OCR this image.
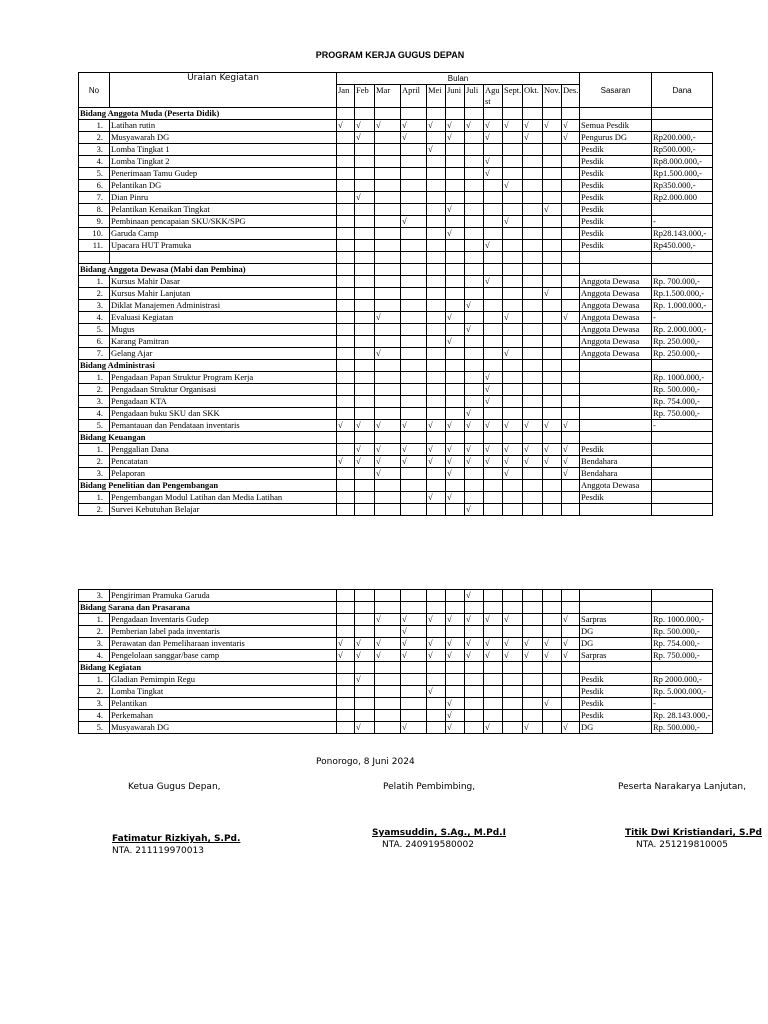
PROGRAM KERJA GUGUS DEPAN
No	Uraian Kegiatan	Bulan												Sasaran	Dana
		Jan	Feb	Mar	April	Mei	Juni	Juli	Agu st	Sept.	Okt.	Nov.	Des.		
Bidang Anggota Muda (Peserta Didik)															
1.	Latihan rutin	√	√	√	√	√	√	√	√	√	√	√	√	Semua Pesdik	
2.	Musyawarah DG		√		√		√		√		√		√	Pengurus DG	Rp200.000,-
3.	Lomba Tingkat 1					√								Pesdik	Rp500.000,-
4.	Lomba Tingkat 2								√					Pesdik	Rp8.000.000,-
5.	Penerimaan Tamu Gudep								√					Pesdik	Rp1.500.000,-
6.	Pelantikan DG									√				Pesdik	Rp350.000,-
7.	Dian Pinru		√											Pesdik	Rp2.000.000
8.	Pelantikan Kenaikan Tingkat						√					√		Pesdik	
9.	Pembinaan pencapaian SKU/SKK/SPG				√					√				Pesdik	-
10.	Garuda Camp						√							Pesdik	Rp28.143.000,-
11.	Upacara HUT Pramuka								√					Pesdik	Rp450.000,-

Bidang Anggota Dewasa (Mabi dan Pembina)															
1.	Kursus Mahir Dasar								√					Anggota Dewasa	Rp. 700.000,-
2.	Kursus Mahir Lanjutan											√		Anggota Dewasa	Rp.1.500.000,-
3.	Diklat Manajemen Administrasi							√						Anggota Dewasa	Rp. 1.000.000,-
4.	Evaluasi Kegiatan			√			√			√			√	Anggota Dewasa	-
5.	Mugus							√						Anggota Dewasa	Rp. 2.000.000,-
6.	Karang Pamitran						√							Anggota Dewasa	Rp. 250.000,-
7.	Gelang Ajar			√						√				Anggota Dewasa	Rp. 250.000,-
Bidang Administrasi															
1.	Pengadaan Papan Struktur Program Kerja								√						Rp. 1000.000,-
2.	Pengadaan Struktur Organisasi								√						Rp. 500.000,-
3.	Pengadaan KTA								√						Rp. 754.000,-
4.	Pengadaan buku SKU dan SKK							√							Rp. 750.000,-
5.	Pemantauan dan Pendataan inventaris	√	√	√	√	√	√	√	√	√	√	√	√		-
Bidang Keuangan															
1.	Penggalian Dana		√	√	√	√	√	√	√	√	√	√	√	Pesdik	
2.	Pencatatan	√	√	√	√	√	√	√	√	√	√	√	√	Bendahara	
3.	Pelaporan			√			√			√			√	Bendahara	
Bidang Penelitian dan Pengembangan														Anggota Dewasa	
1.	Pengembangan Modul Latihan dan Media Latihan					√	√							Pesdik	
2.	Survei Kebutuhan Belajar							√							
3.	Pengiriman Pramuka Garuda							√							
Bidang Sarana dan Prasarana															
1.	Pengadaan Inventaris Gudep			√	√	√	√	√	√	√			√	Sarpras	Rp. 1000.000,-
2.	Pemberian label pada inventaris				√									DG	Rp. 500.000,-
3.	Perawatan dan Pemeliharaan inventaris	√	√	√	√	√	√	√	√	√	√	√	√	DG	Rp. 754.000,-
4.	Pengelolaan sanggar/base camp	√	√	√	√	√	√	√	√	√	√	√	√	Sarpras	Rp. 750.000,-
Bidang Kegiatan															
1.	Gladian Pemimpin Regu		√											Pesdik	Rp 2000.000,-
2.	Lomba Tingkat					√								Pesdik	Rp. 5.000.000,-
3.	Pelantikan						√					√		Pesdik	-
4.	Perkemahan						√							Pesdik	Rp. 28.143.000,-
5.	Musyawarah DG		√		√		√		√		√		√	DG	Rp. 500.000,-
Ponorogo, 8 Juni 2024
Ketua Gugus Depan,
Fatimatur Rizkiyah, S.Pd.
NTA. 211119970013
Pelatih Pembimbing,
Syamsuddin, S.Ag., M.Pd.I
NTA. 240919580002
Peserta Narakarya Lanjutan,
Titik Dwi Kristiandari, S.Pd
NTA. 251219810005
